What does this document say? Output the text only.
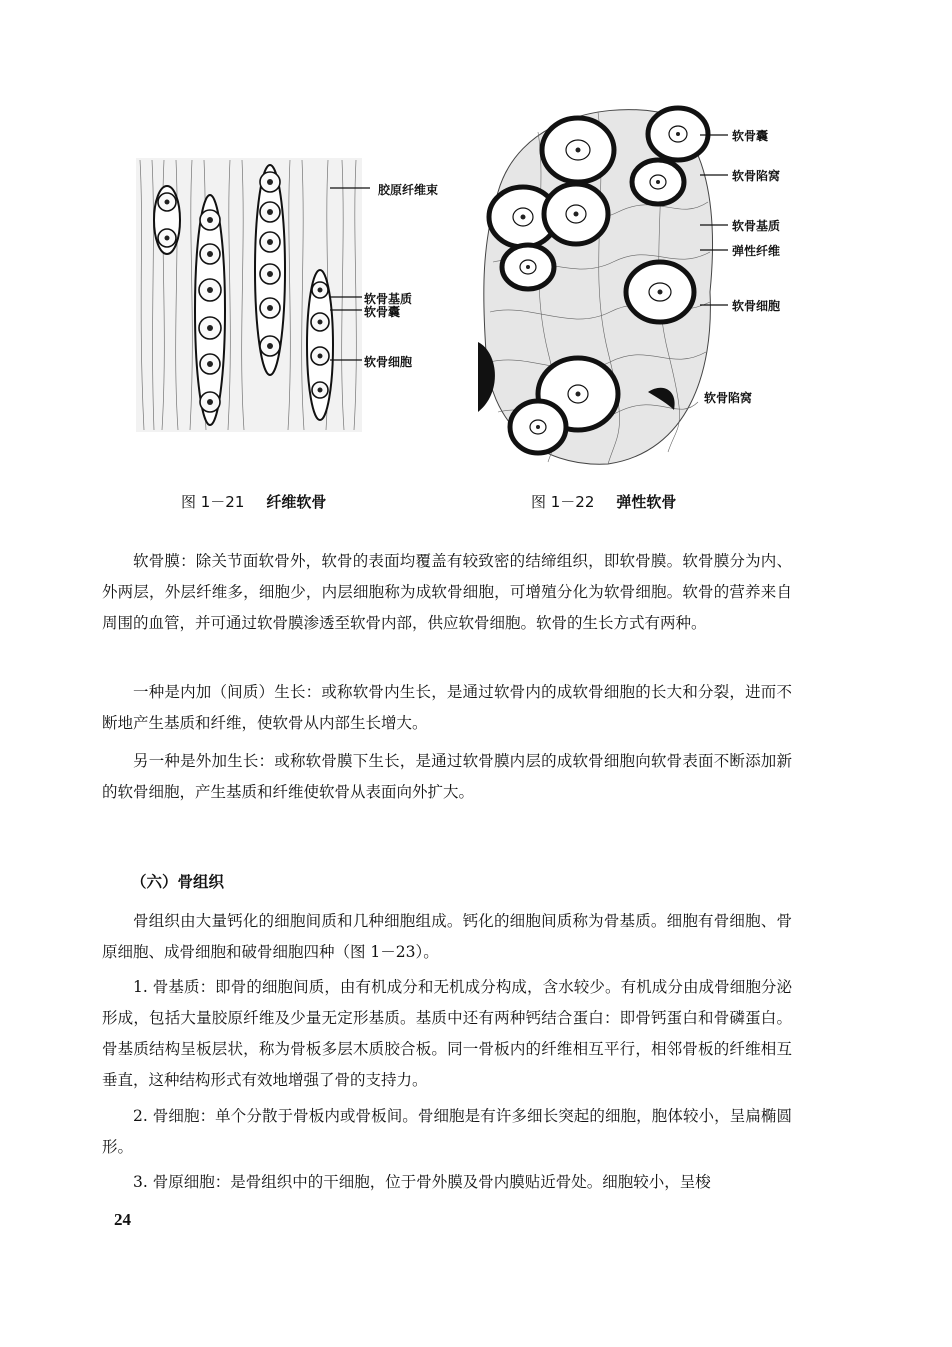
胶原纤维束
软骨基质
软骨囊
软骨细胞
软骨囊
软骨陷窝
软骨基质
弹性纤维
软骨细胞
软骨陷窝
图 1－21 纤维软骨	图 1－22 弹性软骨

软骨膜：除关节面软骨外，软骨的表面均覆盖有较致密的结缔组织，即软骨膜。软骨膜分为内、外两层，外层纤维多，细胞少，内层细胞称为成软骨细胞，可增殖分化为软骨细胞。软骨的营养来自周围的血管，并可通过软骨膜渗透至软骨内部，供应软骨细胞。软骨的生长方式有两种。

一种是内加（间质）生长：或称软骨内生长，是通过软骨内的成软骨细胞的长大和分裂，进而不断地产生基质和纤维，使软骨从内部生长增大。

另一种是外加生长：或称软骨膜下生长，是通过软骨膜内层的成软骨细胞向软骨表面不断添加新的软骨细胞，产生基质和纤维使软骨从表面向外扩大。

（六）骨组织

骨组织由大量钙化的细胞间质和几种细胞组成。钙化的细胞间质称为骨基质。细胞有骨细胞、骨原细胞、成骨细胞和破骨细胞四种（图 1－23）。

1. 骨基质：即骨的细胞间质，由有机成分和无机成分构成，含水较少。有机成分由成骨细胞分泌形成，包括大量胶原纤维及少量无定形基质。基质中还有两种钙结合蛋白：即骨钙蛋白和骨磷蛋白。骨基质结构呈板层状，称为骨板多层木质胶合板。同一骨板内的纤维相互平行，相邻骨板的纤维相互垂直，这种结构形式有效地增强了骨的支持力。

2. 骨细胞：单个分散于骨板内或骨板间。骨细胞是有许多细长突起的细胞，胞体较小，呈扁椭圆形。

3. 骨原细胞：是骨组织中的干细胞，位于骨外膜及骨内膜贴近骨处。细胞较小，呈梭

24
